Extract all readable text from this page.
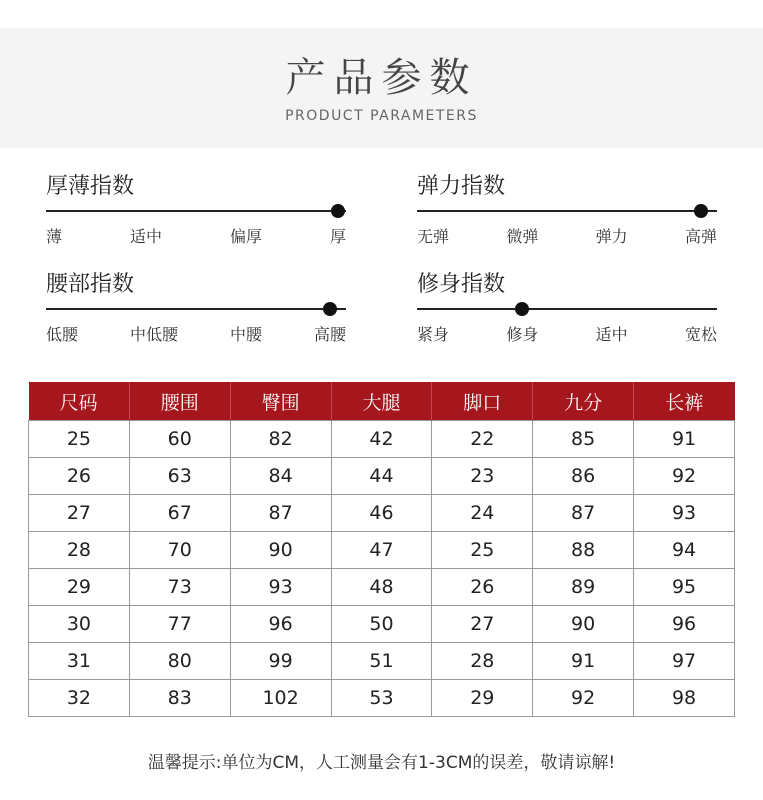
产品参数
PRODUCT PARAMETERS
厚薄指数
薄	适中	偏厚	厚
弹力指数
无弹	微弹	弹力	高弹
腰部指数
低腰	中低腰	中腰	高腰
修身指数
紧身	修身	适中	宽松
尺码	腰围	臀围	大腿	脚口	九分	长裤
25	60	82	42	22	85	91
26	63	84	44	23	86	92
27	67	87	46	24	87	93
28	70	90	47	25	88	94
29	73	93	48	26	89	95
30	77	96	50	27	90	96
31	80	99	51	28	91	97
32	83	102	53	29	92	98
温馨提示:单位为CM，人工测量会有1-3CM的误差，敬请谅解!
